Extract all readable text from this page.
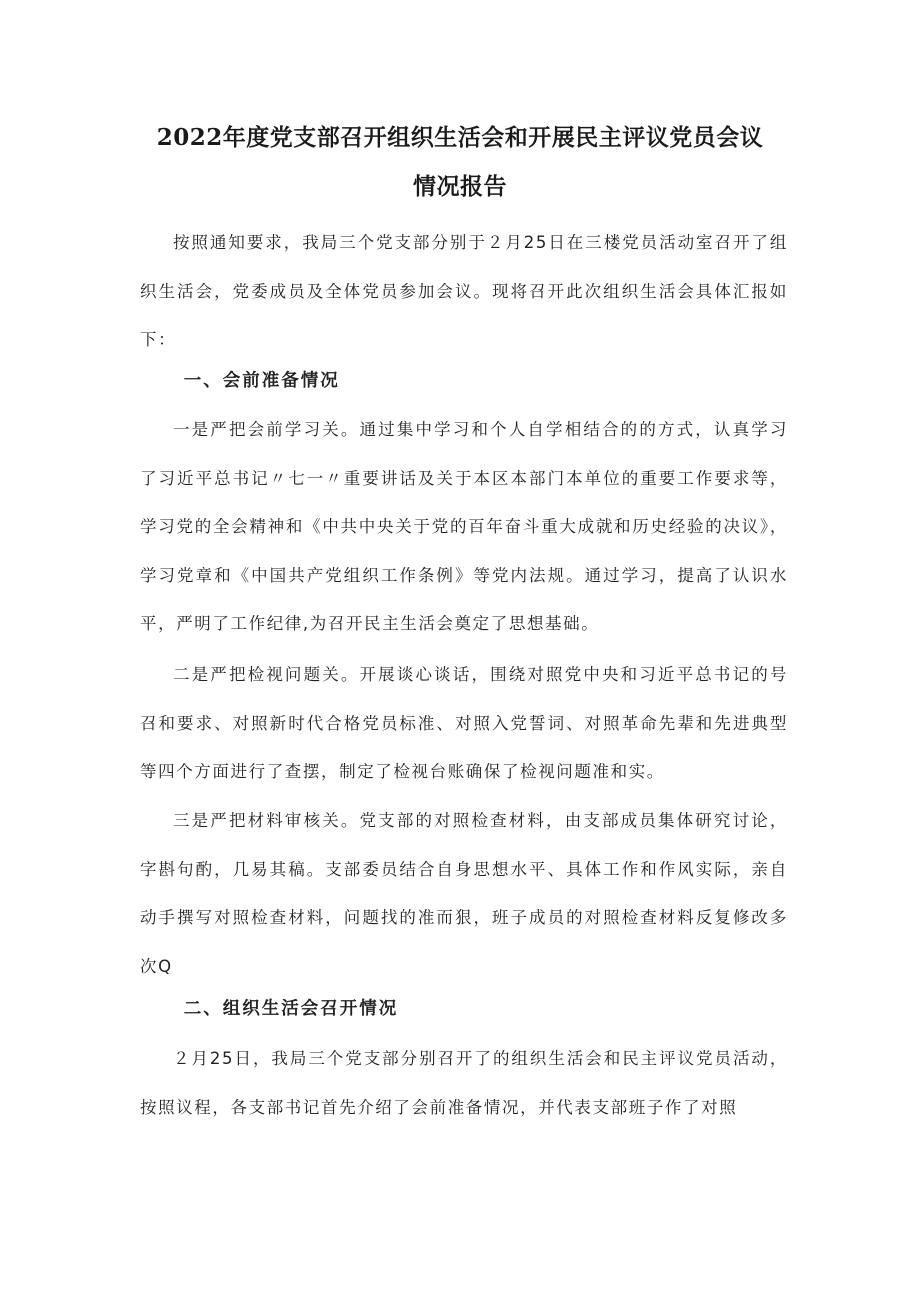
2022年度党支部召开组织生活会和开展民主评议党员会议
情况报告

按照通知要求，我局三个党支部分别于２月25日在三楼党员活动室召开了组织生活会，党委成员及全体党员参加会议。现将召开此次组织生活会具体汇报如下：

一、会前准备情况

一是严把会前学习关。通过集中学习和个人自学相结合的的方式，认真学习了习近平总书记〃七一〃重要讲话及关于本区本部门本单位的重要工作要求等，学习党的全会精神和《中共中央关于党的百年奋斗重大成就和历史经验的决议》，学习党章和《中国共产党组织工作条例》等党内法规。通过学习，提高了认识水平，严明了工作纪律,为召开民主生活会奠定了思想基础。

二是严把检视问题关。开展谈心谈话，围绕对照党中央和习近平总书记的号召和要求、对照新时代合格党员标准、对照入党誓词、对照革命先辈和先进典型等四个方面进行了查摆，制定了检视台账确保了检视问题准和实。

三是严把材料审核关。党支部的对照检查材料，由支部成员集体研究讨论，字斟句酌，几易其稿。支部委员结合自身思想水平、具体工作和作风实际，亲自动手撰写对照检查材料，问题找的准而狠，班子成员的对照检查材料反复修改多次Q

二、组织生活会召开情况

２月25日，我局三个党支部分别召开了的组织生活会和民主评议党员活动，按照议程，各支部书记首先介绍了会前准备情况，并代表支部班子作了对照
